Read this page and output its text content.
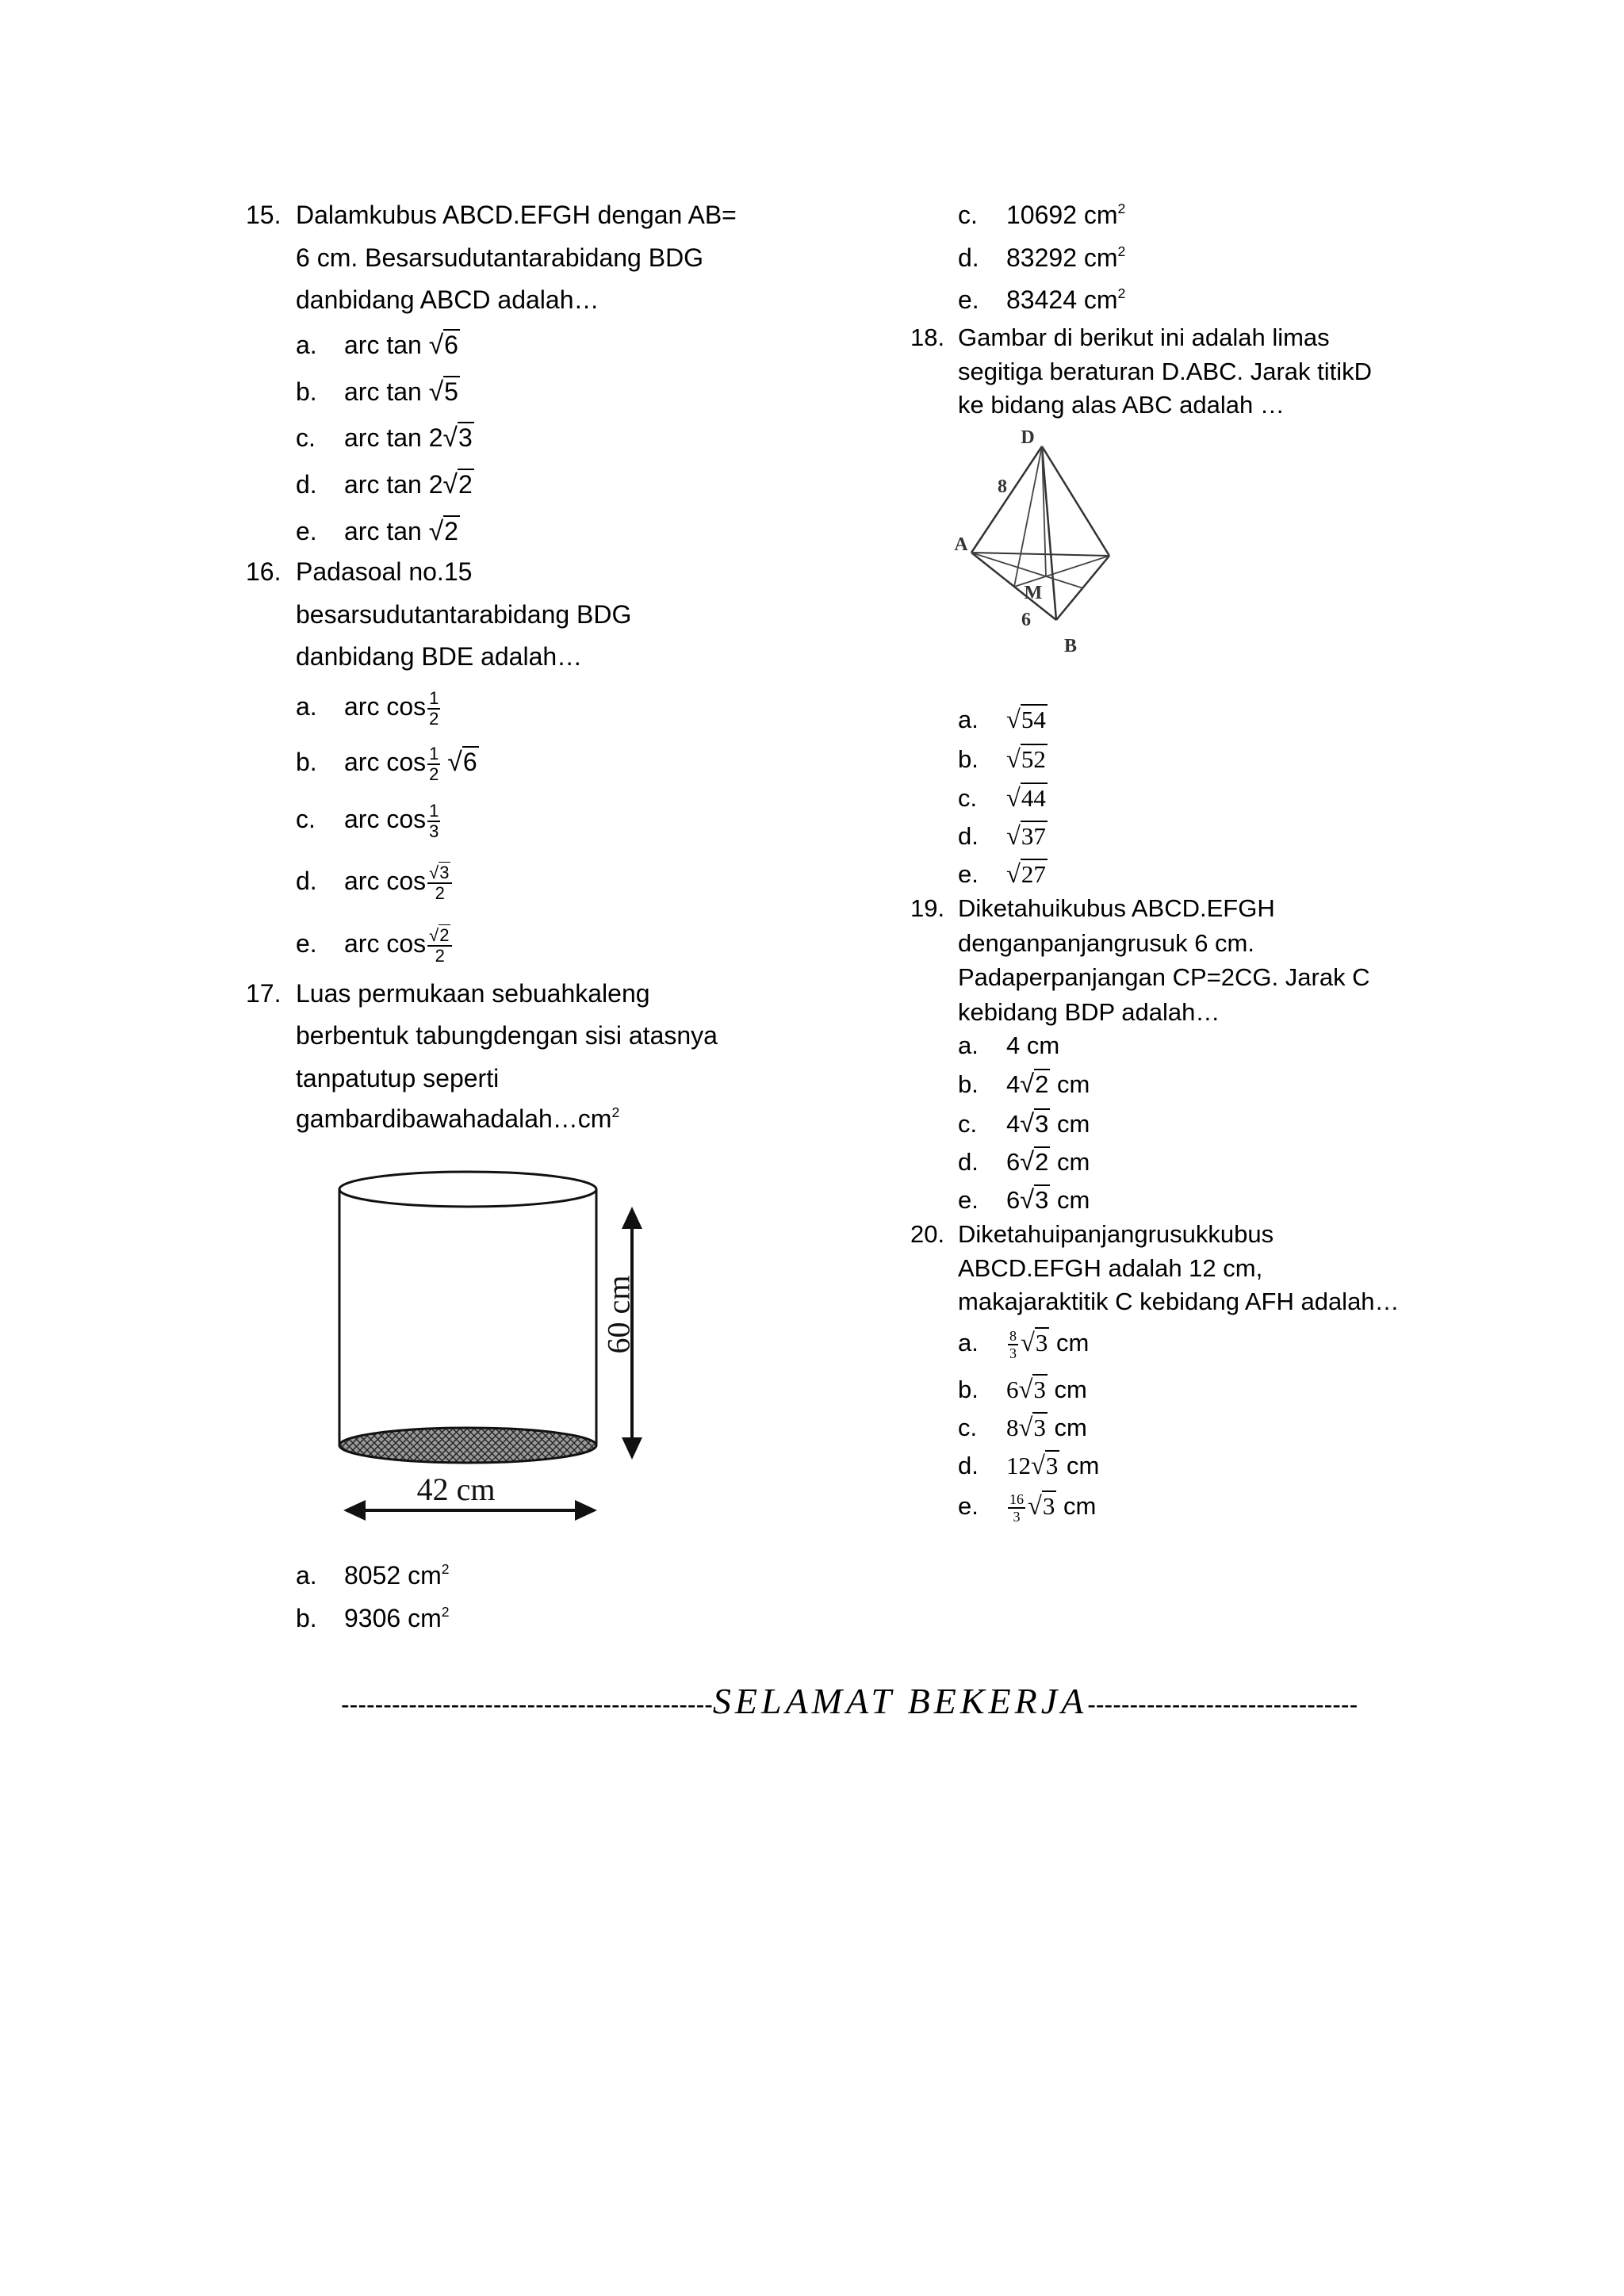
15. Dalamkubus ABCD.EFGH dengan AB=
6 cm. Besarsudutantarabidang BDG
danbidang ABCD adalah…
a. arc tan √6
b. arc tan √5
c. arc tan 2√3
d. arc tan 2√2
e. arc tan √2
16. Padasoal no.15
besarsudutantarabidang BDG
danbidang BDE adalah…
a. arc $\cos \frac{1}{2}$
b. arc $\cos \frac{1}{2} √6$
c. arc $\cos \frac{1}{3}$
d. arc $\cos \frac{√3}{2}$
e. arc $\cos \frac{√2}{2}$
17. Luas permukaan sebuahkaleng
berbentuk tabungdengan sisi atasnya
tanpatutup seperti
$gambardibawahadalah\dots cm^2$
60 cm
42 cm
a. 8052 $cm^2$
b. 9306 $cm^2$
c. 10692 $cm^2$
d. 83292 $cm^2$
e. 83424 $cm^2$
18. Gambar di berikut ini adalah limas
segitiga beraturan D.ABC. Jarak titikD
ke bidang alas ABC adalah …
D
8
A
M
6
B
a. √54
b. √52
c. √44
d. √37
e. √27
19. Diketahuikubus ABCD.EFGH
denganpanjangrusuk 6 cm.
Padaperpanjangan CP=2CG. Jarak C
kebidang BDP adalah…
a. 4 cm
b. 4√2 cm
c. 4√3 cm
d. 6√2 cm
e. 6√3 cm
20. Diketahuipanjangrusukkubus
ABCD.EFGH adalah 12 cm,
makajaraktitik C kebidang AFH adalah…
a. $\frac{8}{3} √3$ cm
b. 6√3 cm
c. 8√3 cm
d. 12√3 cm
e. $\frac{16}{3} √3$ cm
-------------------------------------------- SELAMAT BEKERJA --------------------------------
